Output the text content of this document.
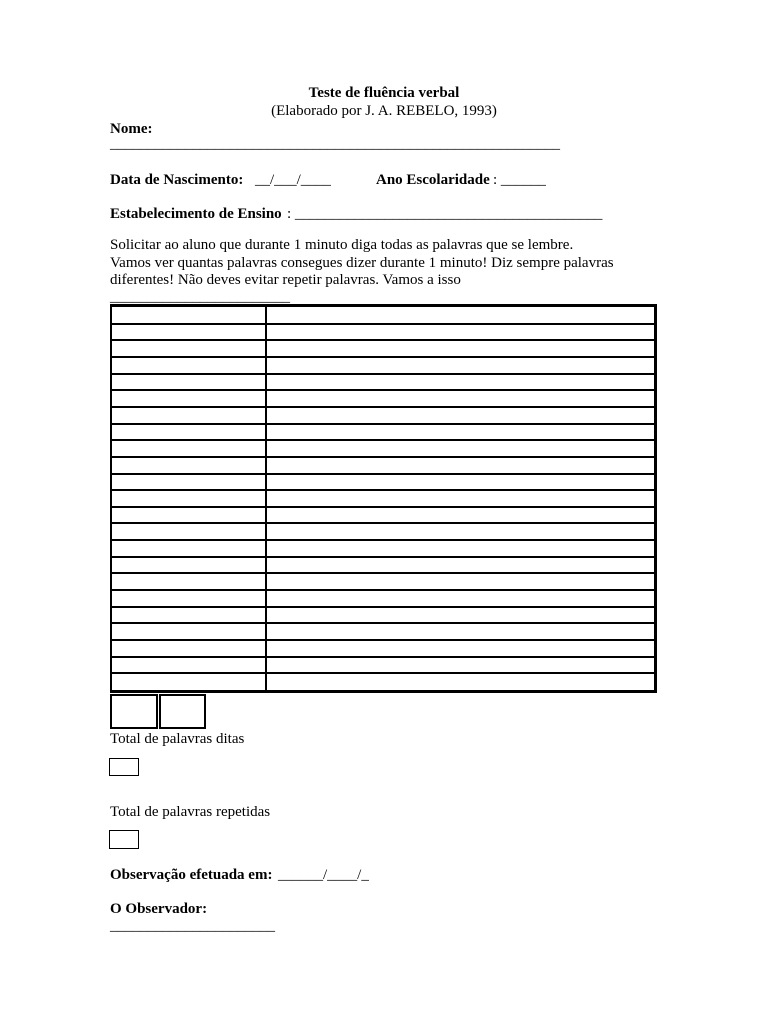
Teste de fluência verbal
(Elaborado por J. A. REBELO, 1993)
Nome:
____________________________________________________________
Data de Nascimento: __/___/____	Ano Escolaridade : ______
Estabelecimento de Ensino : _________________________________________
Solicitar ao aluno que durante 1 minuto diga todas as palavras que se lembre.
Vamos ver quantas palavras consegues dizer durante 1 minuto! Diz sempre palavras
diferentes! Não deves evitar repetir palavras. Vamos a isso
________________________
Total de palavras ditas
Total de palavras repetidas
Observação efetuada em: ______/____/_
O Observador:
______________________
